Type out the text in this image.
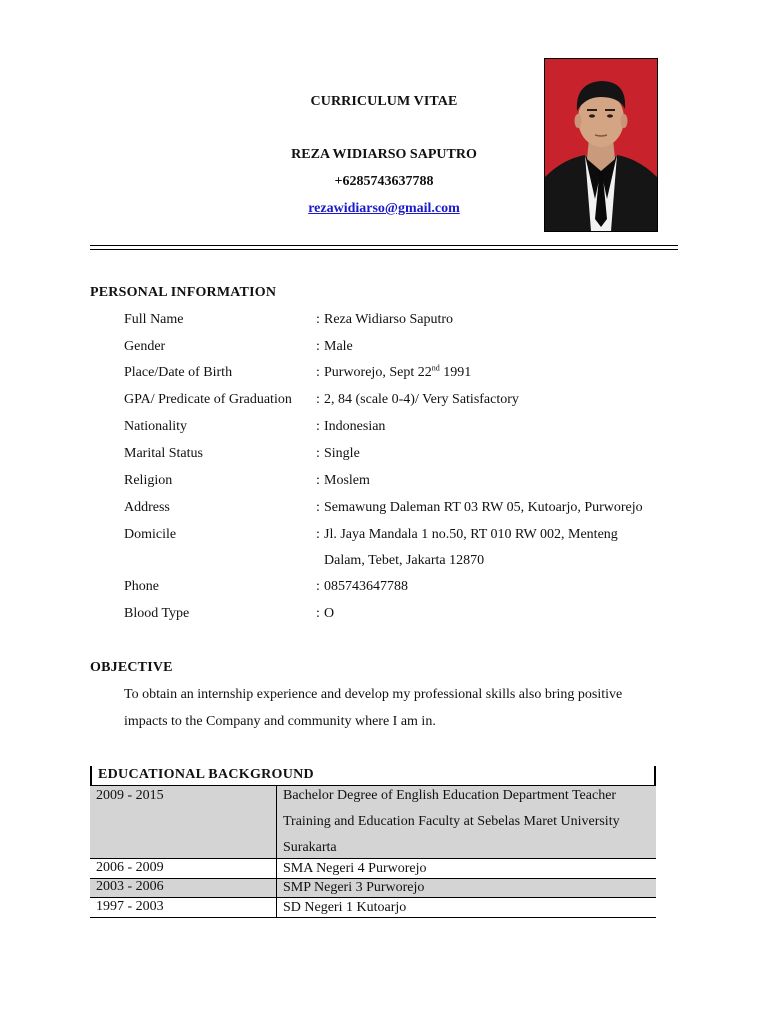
CURRICULUM VITAE
REZA WIDIARSO SAPUTRO
+6285743637788
rezawidiarso@gmail.com
PERSONAL INFORMATION
Full Name	: Reza Widiarso Saputro
Gender	: Male
Place/Date of Birth	: Purworejo, Sept 22nd 1991
GPA/ Predicate of Graduation : 2, 84 (scale 0-4)/ Very Satisfactory
Nationality	: Indonesian
Marital Status	: Single
Religion	: Moslem
Address	: Semawung Daleman RT 03 RW 05, Kutoarjo, Purworejo
Domicile	: Jl. Jaya Mandala 1 no.50, RT 010 RW 002, Menteng
Dalam, Tebet, Jakarta 12870
Phone	: 085743647788
Blood Type	: O
OBJECTIVE
To obtain an internship experience and develop my professional skills also bring positive
impacts to the Company and community where I am in.
EDUCATIONAL BACKGROUND
2009 - 2015	Bachelor Degree of English Education Department Teacher Training and Education Faculty at Sebelas Maret University Surakarta
2006 - 2009	SMA Negeri 4 Purworejo
2003 - 2006	SMP Negeri 3 Purworejo
1997 - 2003	SD Negeri 1 Kutoarjo
